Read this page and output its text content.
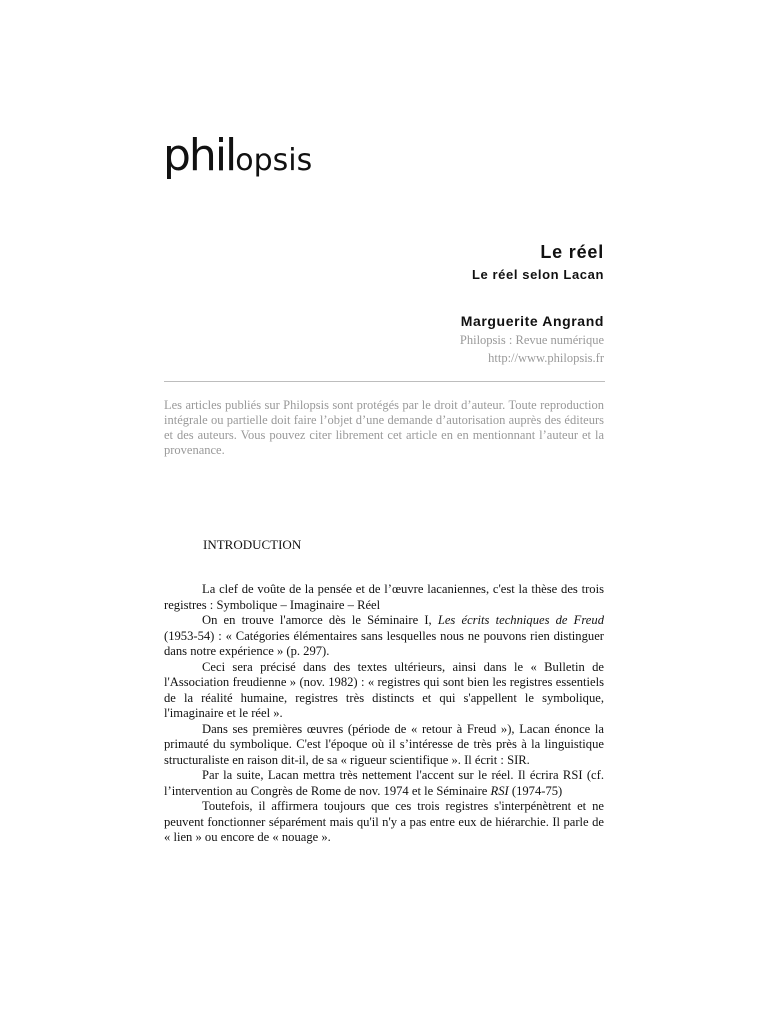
philopsis
Le réel
Le réel selon Lacan
Marguerite Angrand
Philopsis : Revue numérique
http://www.philopsis.fr

Les articles publiés sur Philopsis sont protégés par le droit d’auteur. Toute reproduction intégrale ou partielle doit faire l’objet d’une demande d’autorisation auprès des éditeurs et des auteurs. Vous pouvez citer librement cet article en en mentionnant l’auteur et la provenance.

INTRODUCTION

La clef de voûte de la pensée et de l’œuvre lacaniennes, c'est la thèse des trois registres : Symbolique – Imaginaire – Réel

On en trouve l'amorce dès le Séminaire I, Les écrits techniques de Freud (1953-54) : « Catégories élémentaires sans lesquelles nous ne pouvons rien distinguer dans notre expérience » (p. 297).

Ceci sera précisé dans des textes ultérieurs, ainsi dans le « Bulletin de l'Association freudienne » (nov. 1982) : « registres qui sont bien les registres essentiels de la réalité humaine, registres très distincts et qui s'appellent le symbolique, l'imaginaire et le réel ».

Dans ses premières œuvres (période de « retour à Freud »), Lacan énonce la primauté du symbolique. C'est l'époque où il s’intéresse de très près à la linguistique structuraliste en raison dit-il, de sa « rigueur scientifique ». Il écrit : SIR.

Par la suite, Lacan mettra très nettement l'accent sur le réel. Il écrira RSI (cf. l’intervention au Congrès de Rome de nov. 1974 et le Séminaire RSI (1974-75)

Toutefois, il affirmera toujours que ces trois registres s'interpénètrent et ne peuvent fonctionner séparément mais qu'il n'y a pas entre eux de hiérarchie. Il parle de « lien » ou encore de « nouage ».
